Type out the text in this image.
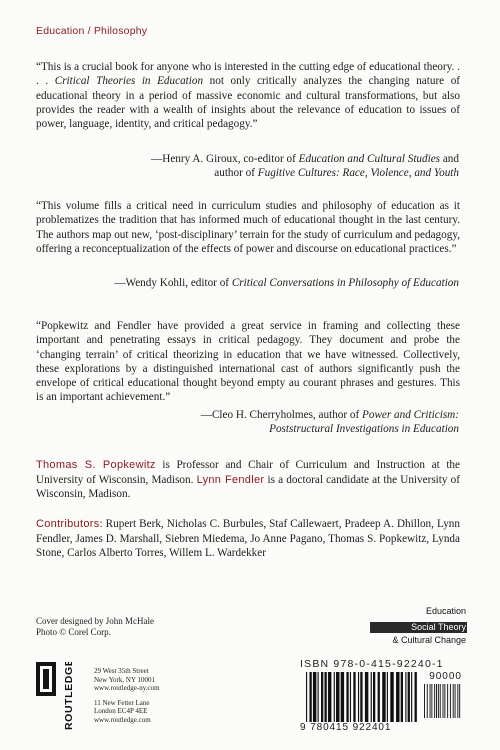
Education / Philosophy

“This is a crucial book for anyone who is interested in the cutting edge of educational theory. . . . Critical Theories in Education not only critically analyzes the changing nature of educational theory in a period of massive economic and cultural transformations, but also provides the reader with a wealth of insights about the relevance of education to issues of power, language, identity, and critical pedagogy.”

—Henry A. Giroux, co-editor of Education and Cultural Studies and
author of Fugitive Cultures: Race, Violence, and Youth

“This volume fills a critical need in curriculum studies and philosophy of education as it problematizes the tradition that has informed much of educational thought in the last century. The authors map out new, ‘post-disciplinary’ terrain for the study of curriculum and pedagogy, offering a reconceptualization of the effects of power and discourse on educational practices.”

—Wendy Kohli, editor of Critical Conversations in Philosophy of Education

“Popkewitz and Fendler have provided a great service in framing and collecting these important and penetrating essays in critical pedagogy. They document and probe the ‘changing terrain’ of critical theorizing in education that we have witnessed. Collectively, these explorations by a distinguished international cast of authors significantly push the envelope of critical educational thought beyond empty au courant phrases and gestures. This is an important achievement.”

—Cleo H. Cherryholmes, author of Power and Criticism:
Poststructural Investigations in Education
Thomas S. Popkewitz is Professor and Chair of Curriculum and Instruction at the University of Wisconsin, Madison. Lynn Fendler is a doctoral candidate at the University of Wisconsin, Madison.
Contributors: Rupert Berk, Nicholas C. Burbules, Staf Callewaert, Pradeep A. Dhillon, Lynn Fendler, James D. Marshall, Siebren Miedema, Jo Anne Pagano, Thomas S. Popkewitz, Lynda Stone, Carlos Alberto Torres, Willem L. Wardekker
Cover designed by John McHale
Photo © Corel Corp.
Education
Social Theory
& Cultural Change
ROUTLEDGE	29 West 35th Street
New York, NY 10001
www.routledge-ny.com
11 New Fetter Lane
London EC4P 4EE
www.routledge.com
ISBN 978-0-415-92240-1
90000
9 780415 922401
